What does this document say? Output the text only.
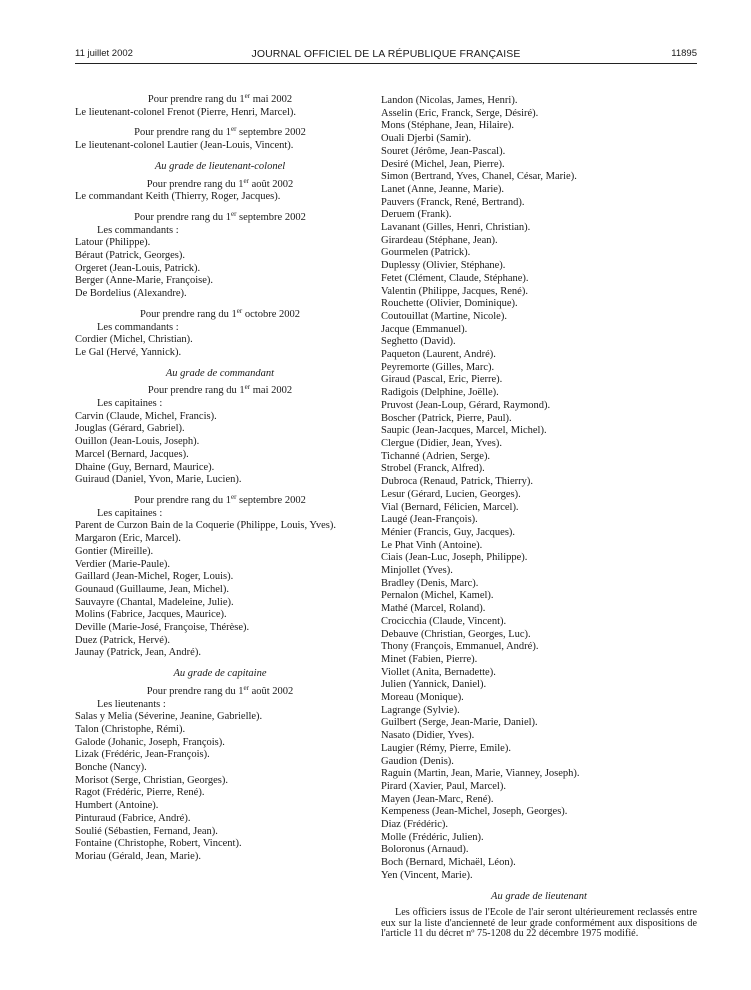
11 juillet 2002	JOURNAL OFFICIEL DE LA RÉPUBLIQUE FRANÇAISE	11895
Pour prendre rang du 1er mai 2002
Le lieutenant-colonel Frenot (Pierre, Henri, Marcel).
Pour prendre rang du 1er septembre 2002
Le lieutenant-colonel Lautier (Jean-Louis, Vincent).
Au grade de lieutenant-colonel
Pour prendre rang du 1er août 2002
Le commandant Keith (Thierry, Roger, Jacques).
Pour prendre rang du 1er septembre 2002
Les commandants :
Latour (Philippe).
Béraut (Patrick, Georges).
Orgeret (Jean-Louis, Patrick).
Berger (Anne-Marie, Françoise).
De Bordelius (Alexandre).
Pour prendre rang du 1er octobre 2002
Les commandants :
Cordier (Michel, Christian).
Le Gal (Hervé, Yannick).
Au grade de commandant
Pour prendre rang du 1er mai 2002
Les capitaines :
Carvin (Claude, Michel, Francis).
Jouglas (Gérard, Gabriel).
Ouillon (Jean-Louis, Joseph).
Marcel (Bernard, Jacques).
Dhaine (Guy, Bernard, Maurice).
Guiraud (Daniel, Yvon, Marie, Lucien).
Pour prendre rang du 1er septembre 2002
Les capitaines :
Parent de Curzon Bain de la Coquerie (Philippe, Louis, Yves).
Margaron (Eric, Marcel).
Gontier (Mireille).
Verdier (Marie-Paule).
Gaillard (Jean-Michel, Roger, Louis).
Gounaud (Guillaume, Jean, Michel).
Sauvayre (Chantal, Madeleine, Julie).
Molins (Fabrice, Jacques, Maurice).
Deville (Marie-José, Françoise, Thérèse).
Duez (Patrick, Hervé).
Jaunay (Patrick, Jean, André).
Au grade de capitaine
Pour prendre rang du 1er août 2002
Les lieutenants :
Salas y Melia (Séverine, Jeanine, Gabrielle).
Talon (Christophe, Rémi).
Galode (Johanic, Joseph, François).
Lizak (Frédéric, Jean-François).
Bonche (Nancy).
Morisot (Serge, Christian, Georges).
Ragot (Frédéric, Pierre, René).
Humbert (Antoine).
Pinturaud (Fabrice, André).
Soulié (Sébastien, Fernand, Jean).
Fontaine (Christophe, Robert, Vincent).
Moriau (Gérald, Jean, Marie).
Landon (Nicolas, James, Henri).
Asselin (Eric, Franck, Serge, Désiré).
Mons (Stéphane, Jean, Hilaire).
Ouali Djerbi (Samir).
Souret (Jérôme, Jean-Pascal).
Desiré (Michel, Jean, Pierre).
Simon (Bertrand, Yves, Chanel, César, Marie).
Lanet (Anne, Jeanne, Marie).
Pauvers (Franck, René, Bertrand).
Deruem (Frank).
Lavanant (Gilles, Henri, Christian).
Girardeau (Stéphane, Jean).
Gourmelen (Patrick).
Duplessy (Olivier, Stéphane).
Fetet (Clément, Claude, Stéphane).
Valentin (Philippe, Jacques, René).
Rouchette (Olivier, Dominique).
Coutouillat (Martine, Nicole).
Jacque (Emmanuel).
Seghetto (David).
Paqueton (Laurent, André).
Peyremorte (Gilles, Marc).
Giraud (Pascal, Eric, Pierre).
Radigois (Delphine, Joëlle).
Pruvost (Jean-Loup, Gérard, Raymond).
Boscher (Patrick, Pierre, Paul).
Saupic (Jean-Jacques, Marcel, Michel).
Clergue (Didier, Jean, Yves).
Tichanné (Adrien, Serge).
Strobel (Franck, Alfred).
Dubroca (Renaud, Patrick, Thierry).
Lesur (Gérard, Lucien, Georges).
Vial (Bernard, Félicien, Marcel).
Laugé (Jean-François).
Ménier (Francis, Guy, Jacques).
Le Phat Vinh (Antoine).
Ciais (Jean-Luc, Joseph, Philippe).
Minjollet (Yves).
Bradley (Denis, Marc).
Pernalon (Michel, Kamel).
Mathé (Marcel, Roland).
Crocicchia (Claude, Vincent).
Debauve (Christian, Georges, Luc).
Thony (François, Emmanuel, André).
Minet (Fabien, Pierre).
Viollet (Anita, Bernadette).
Julien (Yannick, Daniel).
Moreau (Monique).
Lagrange (Sylvie).
Guilbert (Serge, Jean-Marie, Daniel).
Nasato (Didier, Yves).
Laugier (Rémy, Pierre, Emile).
Gaudion (Denis).
Raguin (Martin, Jean, Marie, Vianney, Joseph).
Pirard (Xavier, Paul, Marcel).
Mayen (Jean-Marc, René).
Kempeness (Jean-Michel, Joseph, Georges).
Diaz (Frédéric).
Molle (Frédéric, Julien).
Boloronus (Arnaud).
Boch (Bernard, Michaël, Léon).
Yen (Vincent, Marie).
Au grade de lieutenant
Les officiers issus de l'Ecole de l'air seront ultérieurement reclassés entre eux sur la liste d'ancienneté de leur grade conformément aux dispositions de l'article 11 du décret nº 75-1208 du 22 décembre 1975 modifié.
